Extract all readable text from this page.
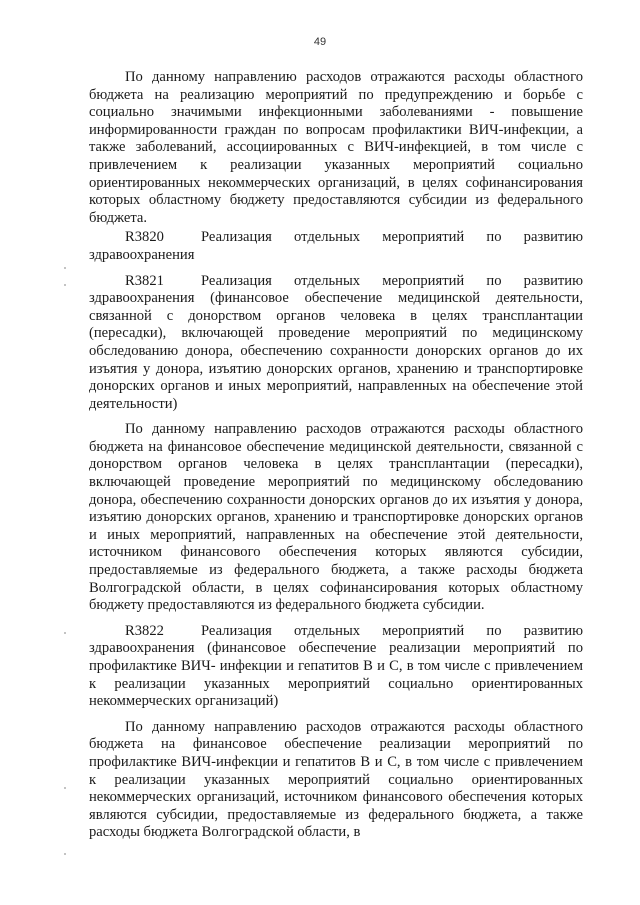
49

По данному направлению расходов отражаются расходы областного бюджета на реализацию мероприятий по предупреждению и борьбе с социально значимыми инфекционными заболеваниями - повышение информированности граждан по вопросам профилактики ВИЧ-инфекции, а также заболеваний, ассоциированных с ВИЧ-инфекцией, в том числе с привлечением к реализации указанных мероприятий социально ориентированных некоммерческих организаций, в целях софинансирования которых областному бюджету предоставляются субсидии из федерального бюджета.

R3820	Реализация отдельных мероприятий по развитию здравоохранения

R3821	Реализация отдельных мероприятий по развитию здравоохранения (финансовое обеспечение медицинской деятельности, связанной с донорством органов человека в целях трансплантации (пересадки), включающей проведение мероприятий по медицинскому обследованию донора, обеспечению сохранности донорских органов до их изъятия у донора, изъятию донорских органов, хранению и транспортировке донорских органов и иных мероприятий, направленных на обеспечение этой деятельности)

По данному направлению расходов отражаются расходы областного бюджета на финансовое обеспечение медицинской деятельности, связанной с донорством органов человека в целях трансплантации (пересадки), включающей проведение мероприятий по медицинскому обследованию донора, обеспечению сохранности донорских органов до их изъятия у донора, изъятию донорских органов, хранению и транспортировке донорских органов и иных мероприятий, направленных на обеспечение этой деятельности, источником финансового обеспечения которых являются субсидии, предоставляемые из федерального бюджета, а также расходы бюджета Волгоградской области, в целях софинансирования которых областному бюджету предоставляются из федерального бюджета субсидии.

R3822	Реализация отдельных мероприятий по развитию здравоохранения (финансовое обеспечение реализации мероприятий по профилактике ВИЧ- инфекции и гепатитов В и С, в том числе с привлечением к реализации указанных мероприятий социально ориентированных некоммерческих организаций)

По данному направлению расходов отражаются расходы областного бюджета на финансовое обеспечение реализации мероприятий по профилактике ВИЧ-инфекции и гепатитов В и С, в том числе с привлечением к реализации указанных мероприятий социально ориентированных некоммерческих организаций, источником финансового обеспечения которых являются субсидии, предоставляемые из федерального бюджета, а также расходы бюджета Волгоградской области, в
